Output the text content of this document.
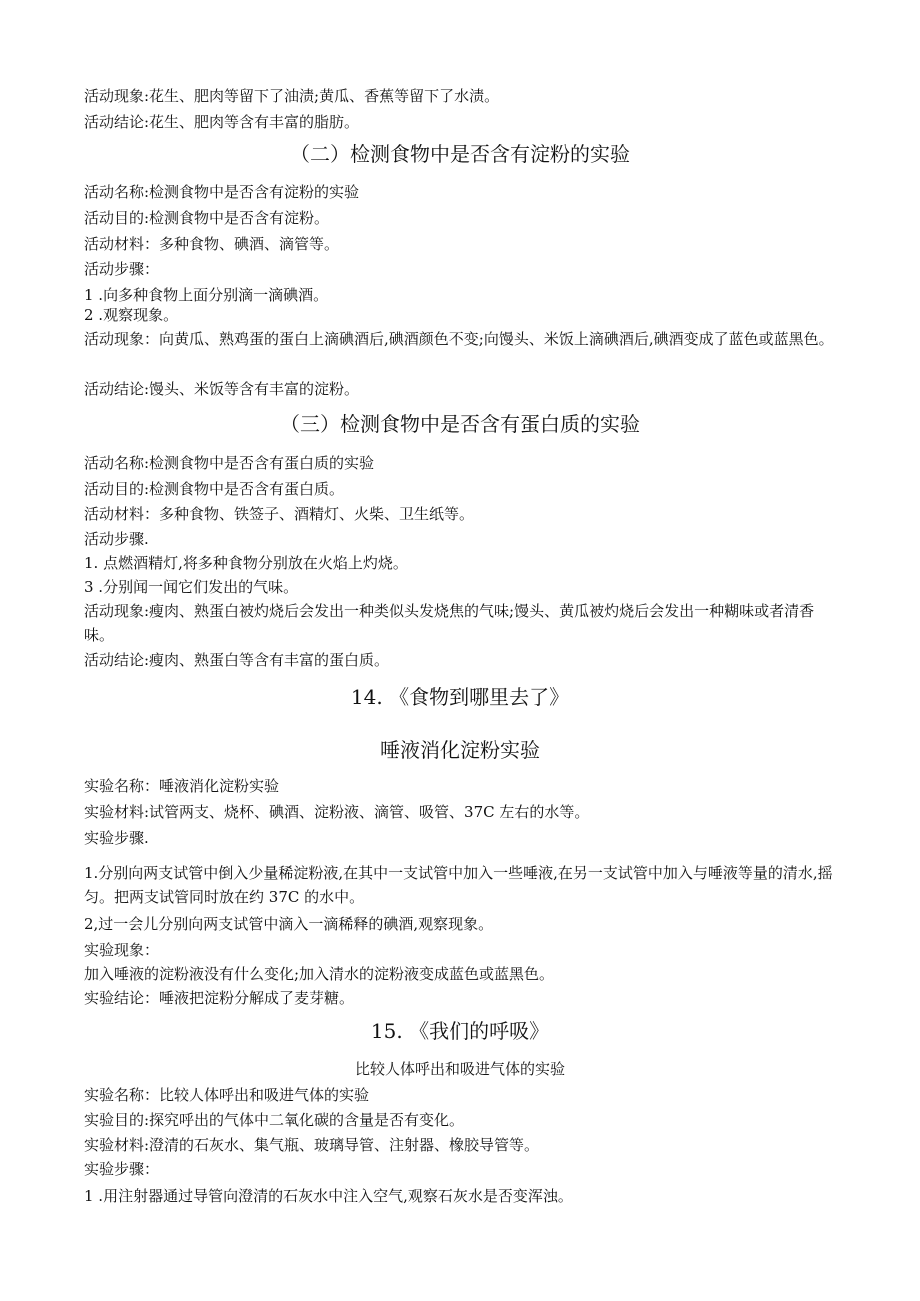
活动现象:花生、肥肉等留下了油渍;黄瓜、香蕉等留下了水渍。
活动结论:花生、肥肉等含有丰富的脂肪。
（二）检测食物中是否含有淀粉的实验
活动名称:检测食物中是否含有淀粉的实验
活动目的:检测食物中是否含有淀粉。
活动材料：多种食物、碘酒、滴管等。
活动步骤：
1 .向多种食物上面分别滴一滴碘酒。
2 .观察现象。
活动现象：向黄瓜、熟鸡蛋的蛋白上滴碘酒后,碘酒颜色不变;向馒头、米饭上滴碘酒后,碘酒变成了蓝色或蓝黑色。
活动结论:馒头、米饭等含有丰富的淀粉。
（三）检测食物中是否含有蛋白质的实验
活动名称:检测食物中是否含有蛋白质的实验
活动目的:检测食物中是否含有蛋白质。
活动材料：多种食物、铁签子、酒精灯、火柴、卫生纸等。
活动步骤.
1. 点燃酒精灯,将多种食物分别放在火焰上灼烧。
3 .分别闻一闻它们发出的气味。
活动现象:瘦肉、熟蛋白被灼烧后会发出一种类似头发烧焦的气味;馒头、黄瓜被灼烧后会发出一种糊味或者清香味。
活动结论:瘦肉、熟蛋白等含有丰富的蛋白质。
14. 《食物到哪里去了》
唾液消化淀粉实验
实验名称：唾液消化淀粉实验
实验材料:试管两支、烧杯、碘酒、淀粉液、滴管、吸管、37C 左右的水等。
实验步骤.
1.分别向两支试管中倒入少量稀淀粉液,在其中一支试管中加入一些唾液,在另一支试管中加入与唾液等量的清水,摇匀。把两支试管同时放在约 37C 的水中。
2,过一会儿分别向两支试管中滴入一滴稀释的碘酒,观察现象。
实验现象：
加入唾液的淀粉液没有什么变化;加入清水的淀粉液变成蓝色或蓝黑色。
实验结论：唾液把淀粉分解成了麦芽糖。
15. 《我们的呼吸》
比较人体呼出和吸进气体的实验
实验名称：比较人体呼出和吸进气体的实验
实验目的:探究呼出的气体中二氧化碳的含量是否有变化。
实验材料:澄清的石灰水、集气瓶、玻璃导管、注射器、橡胶导管等。
实验步骤：
1 .用注射器通过导管向澄清的石灰水中注入空气,观察石灰水是否变浑浊。
